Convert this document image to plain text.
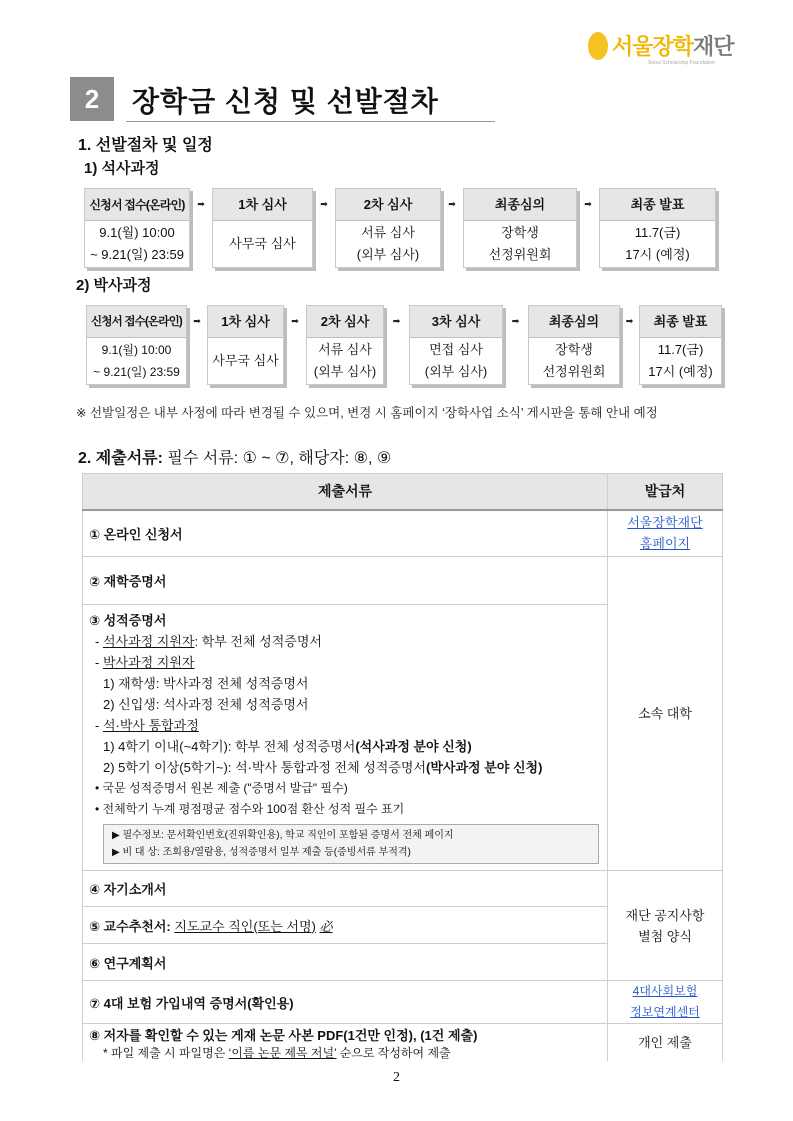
서울장학재단
Seoul Scholarship Foundation
2	장학금 신청 및 선발절차
1. 선발절차 및 일정
1) 석사과정
신청서 접수(온라인)
9.1(월) 10:00
~ 9.21(일) 23:59
➡	1차 심사
사무국 심사
➡	2차 심사
서류 심사
(외부 심사)
➡	최종심의
장학생
선정위원회
➡	최종 발표
11.7(금)
17시 (예정)
2) 박사과정
신청서 접수(온라인)
9.1(월) 10:00
~ 9.21(일) 23:59
➡	1차 심사
사무국 심사
➡	2차 심사
서류 심사
(외부 심사)
➡	3차 심사
면접 심사
(외부 심사)
➡	최종심의
장학생
선정위원회
➡	최종 발표
11.7(금)
17시 (예정)
※ 선발일정은 내부 사정에 따라 변경될 수 있으며, 변경 시 홈페이지 ‘장학사업 소식’ 게시판을 통해 안내 예정
2. 제출서류: 필수 서류: ① ~ ⑦, 해당자: ⑧, ⑨
제출서류	발급처
① 온라인 신청서	서울장학재단
홈페이지

② 재학증명서	소속 대학

③ 성적증명서
- 석사과정 지원자: 학부 전체 성적증명서
- 박사과정 지원자
1) 재학생: 박사과정 전체 성적증명서
2) 신입생: 석사과정 전체 성적증명서
- 석·박사 통합과정
1) 4학기 이내(~4학기): 학부 전체 성적증명서(석사과정 분야 신청)
2) 5학기 이상(5학기~): 석·박사 통합과정 전체 성적증명서(박사과정 분야 신청)
• 국문 성적증명서 원본 제출 ("증명서 발급" 필수)
• 전체학기 누계 평점평균 점수와 100점 환산 성적 필수 표기
▶ 필수정보: 문서확인번호(진위확인용), 학교 직인이 포함된 증명서 전체 페이지
▶ 비 대 상: 조회용/열람용, 성적증명서 일부 제출 등(증빙서류 부적격)

④ 자기소개서	재단 공지사항
별첨 양식

⑤ 교수추천서: 지도교수 직인(또는 서명) 必	
⑥ 연구계획서	
⑦ 4대 보험 가입내역 증명서(확인용)	4대사회보험
정보연계센터

⑧ 저자를 확인할 수 있는 게재 논문 사본 PDF(1건만 인정), (1건 제출)
* 파일 제출 시 파일명은 ‘이름 논문 제목 저널’ 순으로 작성하여 제출	개인 제출
2
